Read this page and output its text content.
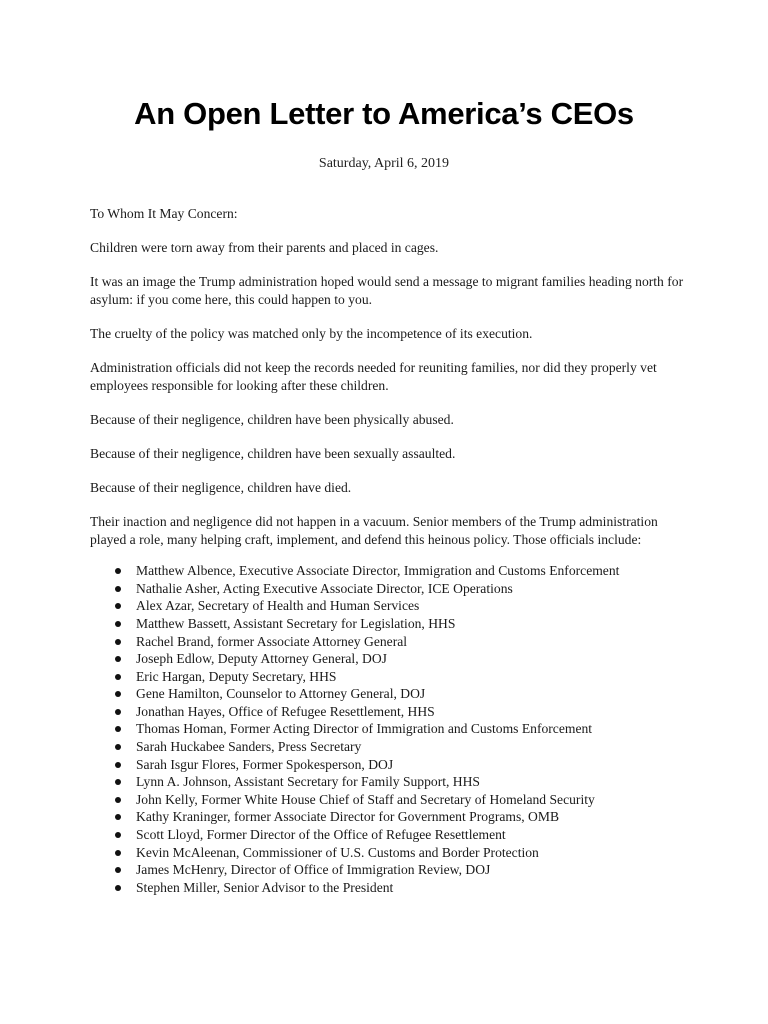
An Open Letter to America’s CEOs
Saturday, April 6, 2019

To Whom It May Concern:

Children were torn away from their parents and placed in cages.

It was an image the Trump administration hoped would send a message to migrant families heading north for asylum: if you come here, this could happen to you.

The cruelty of the policy was matched only by the incompetence of its execution.

Administration officials did not keep the records needed for reuniting families, nor did they properly vet employees responsible for looking after these children.

Because of their negligence, children have been physically abused.

Because of their negligence, children have been sexually assaulted.

Because of their negligence, children have died.

Their inaction and negligence did not happen in a vacuum. Senior members of the Trump administration played a role, many helping craft, implement, and defend this heinous policy. Those officials include:

Matthew Albence, Executive Associate Director, Immigration and Customs Enforcement
Nathalie Asher, Acting Executive Associate Director, ICE Operations
Alex Azar, Secretary of Health and Human Services
Matthew Bassett, Assistant Secretary for Legislation, HHS
Rachel Brand, former Associate Attorney General
Joseph Edlow, Deputy Attorney General, DOJ
Eric Hargan, Deputy Secretary, HHS
Gene Hamilton, Counselor to Attorney General, DOJ
Jonathan Hayes, Office of Refugee Resettlement, HHS
Thomas Homan, Former Acting Director of Immigration and Customs Enforcement
Sarah Huckabee Sanders, Press Secretary
Sarah Isgur Flores, Former Spokesperson, DOJ
Lynn A. Johnson, Assistant Secretary for Family Support, HHS
John Kelly, Former White House Chief of Staff and Secretary of Homeland Security
Kathy Kraninger, former Associate Director for Government Programs, OMB
Scott Lloyd, Former Director of the Office of Refugee Resettlement
Kevin McAleenan, Commissioner of U.S. Customs and Border Protection
James McHenry, Director of Office of Immigration Review, DOJ
Stephen Miller, Senior Advisor to the President
